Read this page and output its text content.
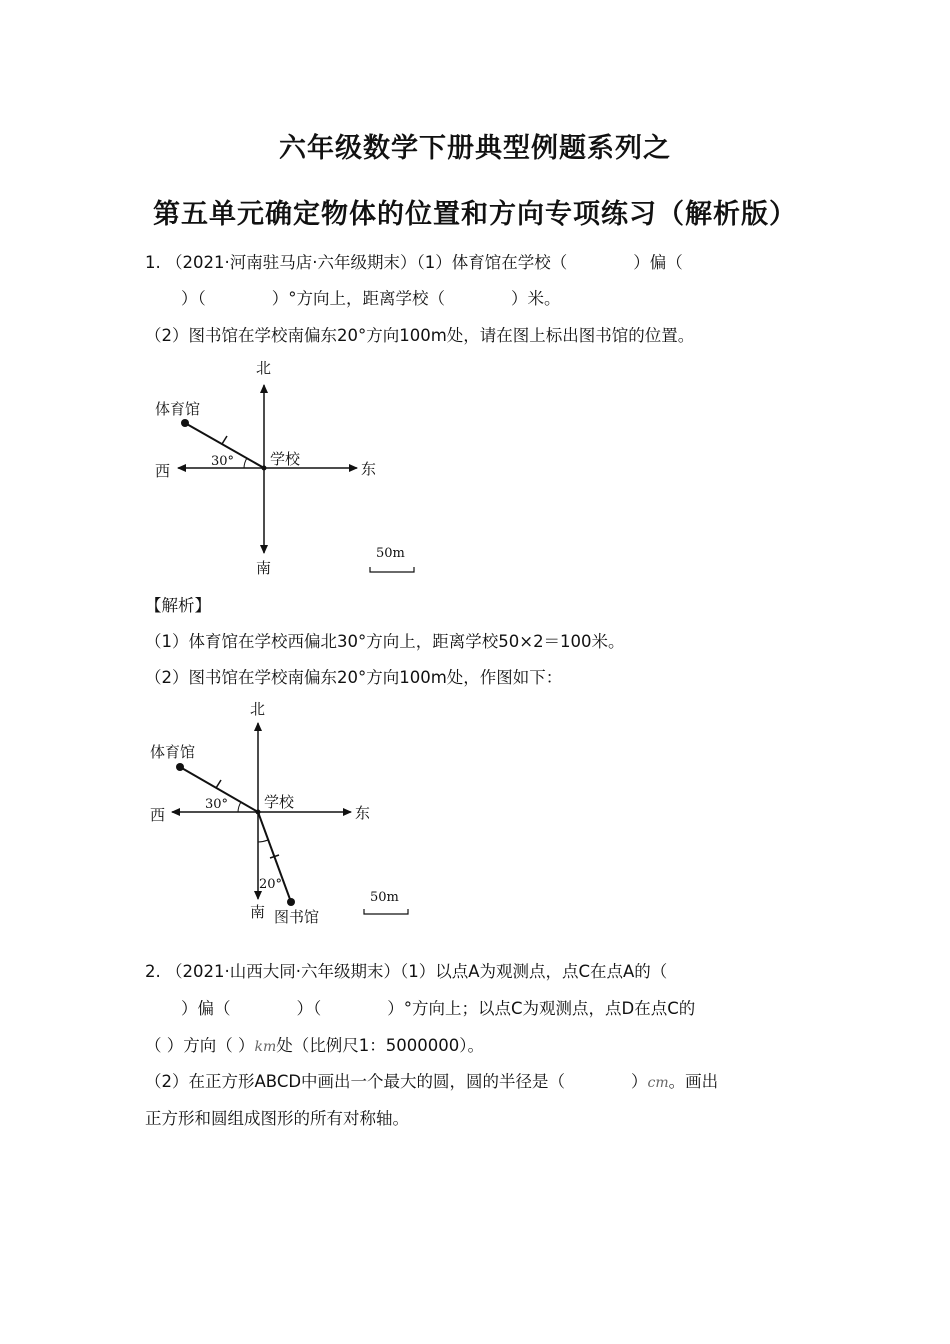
六年级数学下册典型例题系列之
第五单元确定物体的位置和方向专项练习（解析版）
1. （2021·河南驻马店·六年级期末）（1）体育馆在学校（　　　　）偏（
）（　　　　）°方向上，距离学校（　　　　）米。
（2）图书馆在学校南偏东20°方向100m处，请在图上标出图书馆的位置。
北
南
东
西
学校
体育馆
30°
50m
【解析】
（1）体育馆在学校西偏北30°方向上，距离学校50×2＝100米。
（2）图书馆在学校南偏东20°方向100m处，作图如下：
北
南
东
西
学校
体育馆
图书馆
30°
20°
50m
2. （2021·山西大同·六年级期末）（1）以点A为观测点，点C在点A的（
）偏（　　　　）（　　　　）°方向上；以点C为观测点，点D在点C的
（ ）方向（ ）km处（比例尺1：5000000）。
（2）在正方形ABCD中画出一个最大的圆，圆的半径是（　　　　）cm。画出
正方形和圆组成图形的所有对称轴。
